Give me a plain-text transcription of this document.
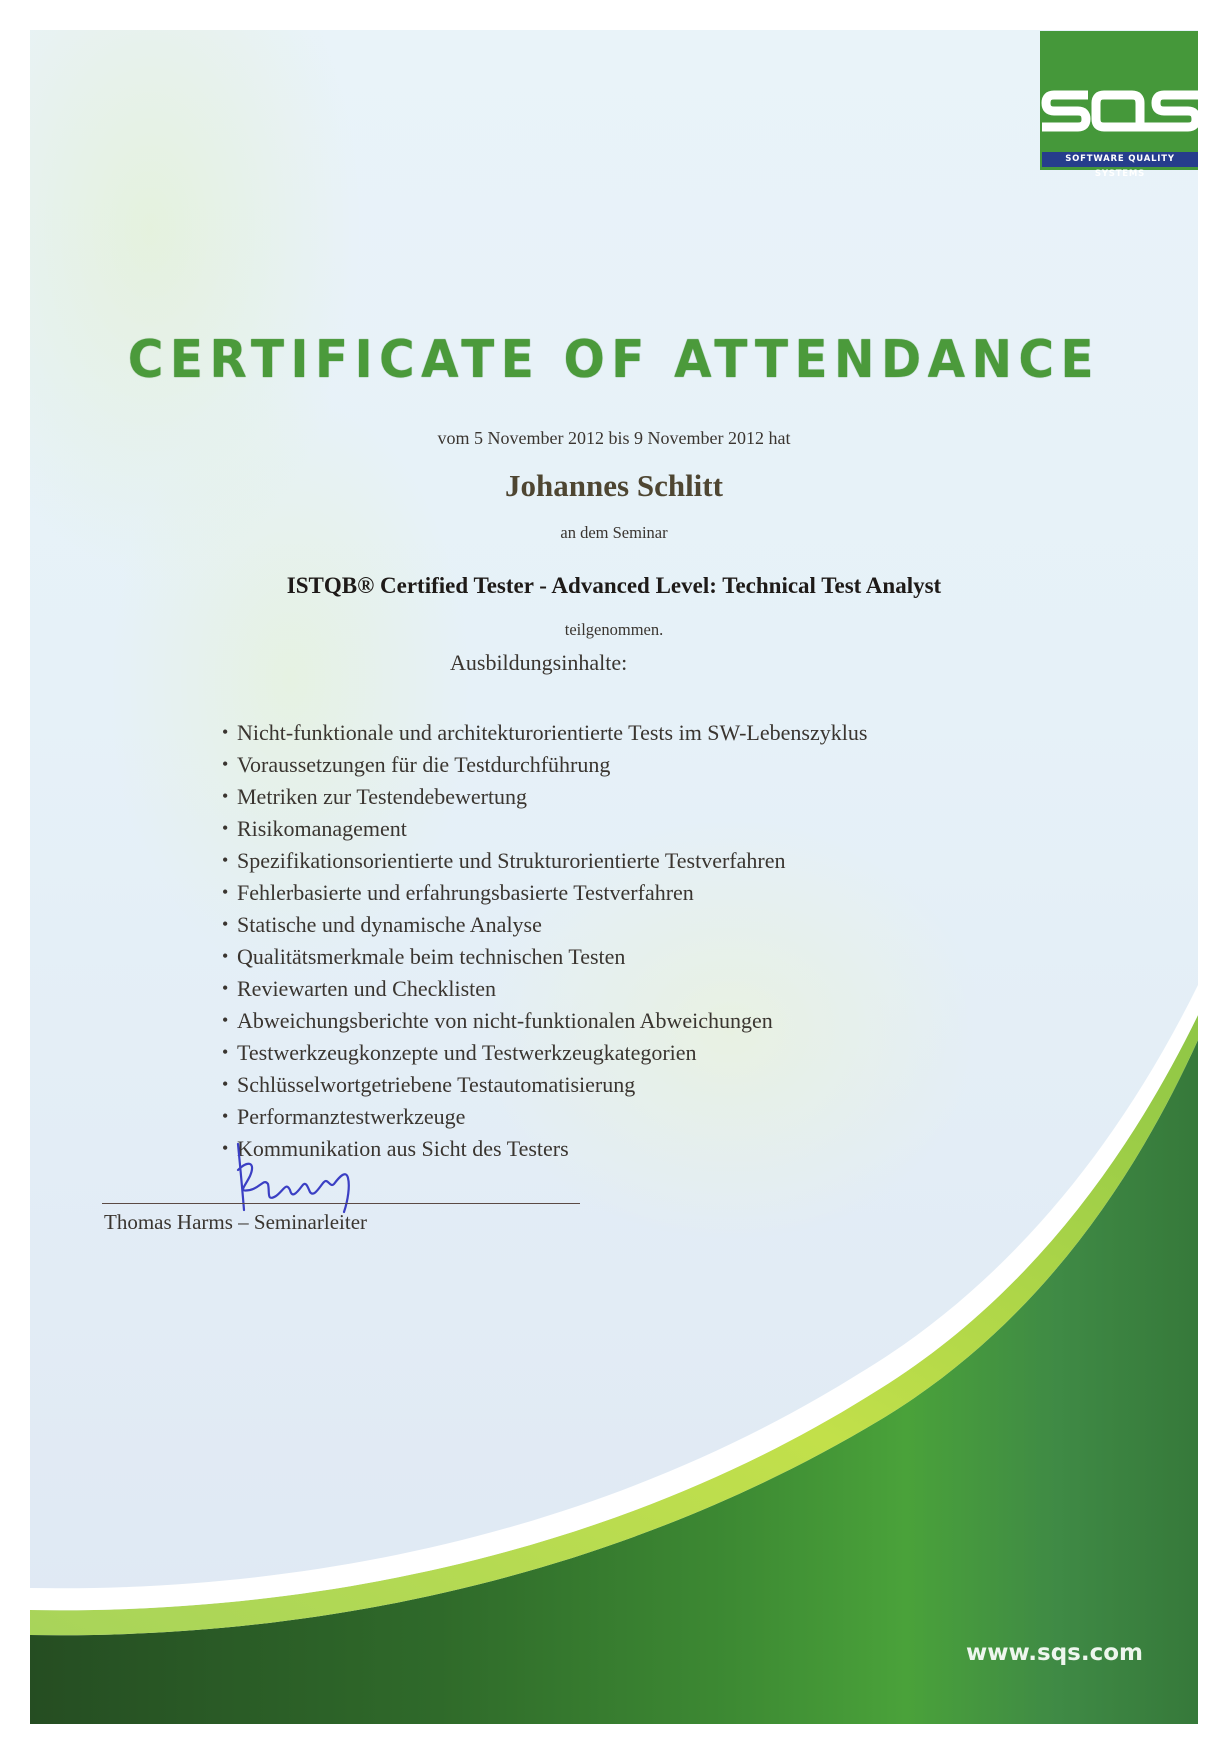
SOFTWARE QUALITY SYSTEMS
CERTIFICATE OF ATTENDANCE
vom 5 November 2012 bis 9 November 2012 hat
Johannes Schlitt
an dem Seminar
ISTQB® Certified Tester - Advanced Level: Technical Test Analyst
teilgenommen.
Ausbildungsinhalte:
• Nicht-funktionale und architekturorientierte Tests im SW-Lebenszyklus
• Voraussetzungen für die Testdurchführung
• Metriken zur Testendebewertung
• Risikomanagement
• Spezifikationsorientierte und Strukturorientierte Testverfahren
• Fehlerbasierte und erfahrungsbasierte Testverfahren
• Statische und dynamische Analyse
• Qualitätsmerkmale beim technischen Testen
• Reviewarten und Checklisten
• Abweichungsberichte von nicht-funktionalen Abweichungen
• Testwerkzeugkonzepte und Testwerkzeugkategorien
• Schlüsselwortgetriebene Testautomatisierung
• Performanztestwerkzeuge
• Kommunikation aus Sicht des Testers
Thomas Harms – Seminarleiter
www.sqs.com
